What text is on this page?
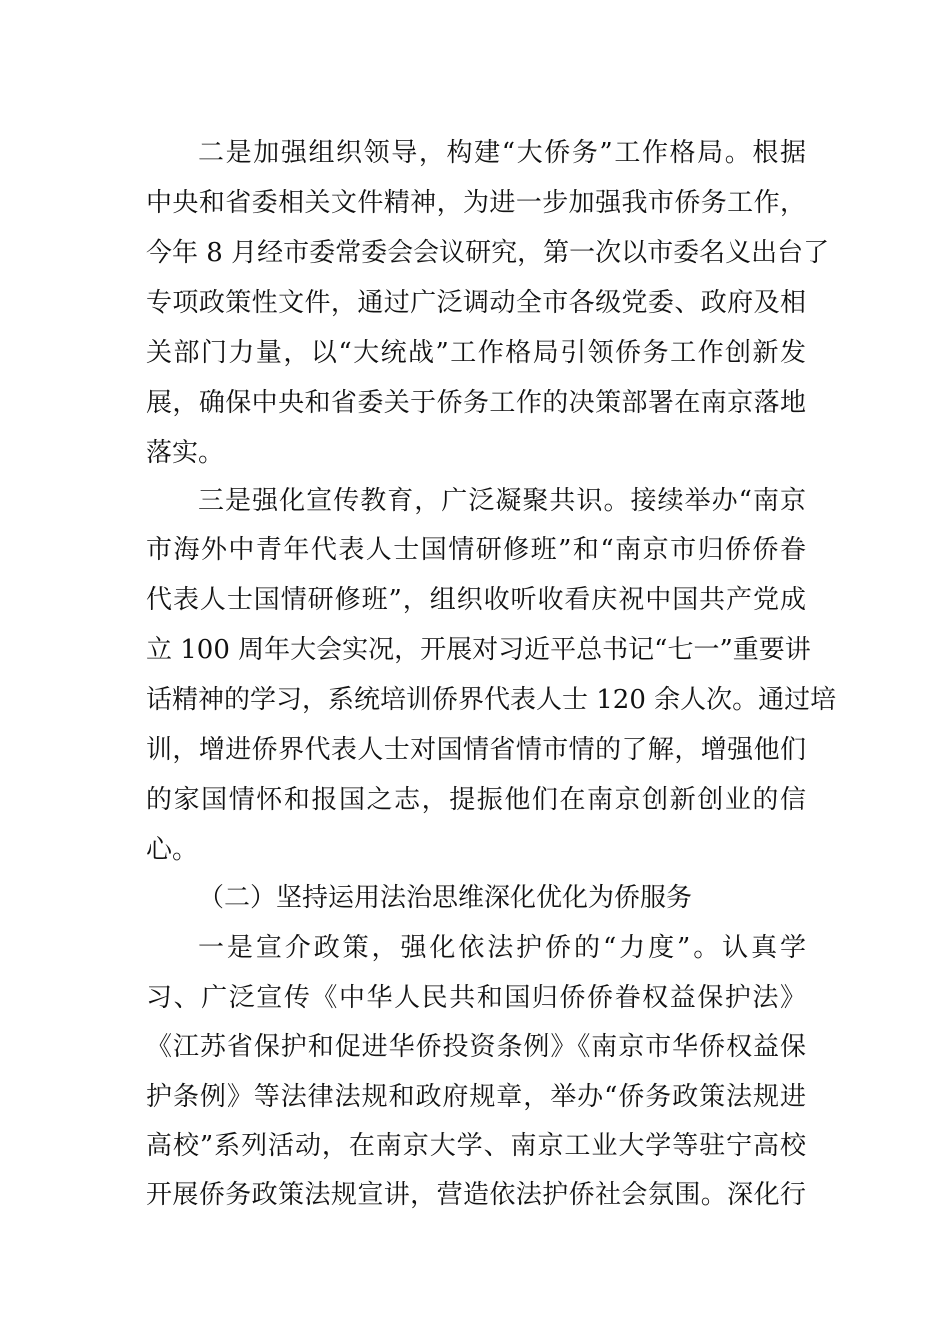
二是加强组织领导，构建“大侨务”工作格局。根据
中央和省委相关文件精神，为进一步加强我市侨务工作，
今年 8 月经市委常委会会议研究，第一次以市委名义出台了
专项政策性文件，通过广泛调动全市各级党委、政府及相
关部门力量，以“大统战”工作格局引领侨务工作创新发
展，确保中央和省委关于侨务工作的决策部署在南京落地
落实。
三是强化宣传教育，广泛凝聚共识。接续举办“南京
市海外中青年代表人士国情研修班”和“南京市归侨侨眷
代表人士国情研修班”，组织收听收看庆祝中国共产党成
立 100 周年大会实况，开展对习近平总书记“七一”重要讲
话精神的学习，系统培训侨界代表人士 120 余人次。通过培
训，增进侨界代表人士对国情省情市情的了解，增强他们
的家国情怀和报国之志，提振他们在南京创新创业的信
心。
（二）坚持运用法治思维深化优化为侨服务
一是宣介政策，强化依法护侨的“力度”。认真学
习、广泛宣传《中华人民共和国归侨侨眷权益保护法》
《江苏省保护和促进华侨投资条例》《南京市华侨权益保
护条例》等法律法规和政府规章，举办“侨务政策法规进
高校”系列活动，在南京大学、南京工业大学等驻宁高校
开展侨务政策法规宣讲，营造依法护侨社会氛围。深化行
